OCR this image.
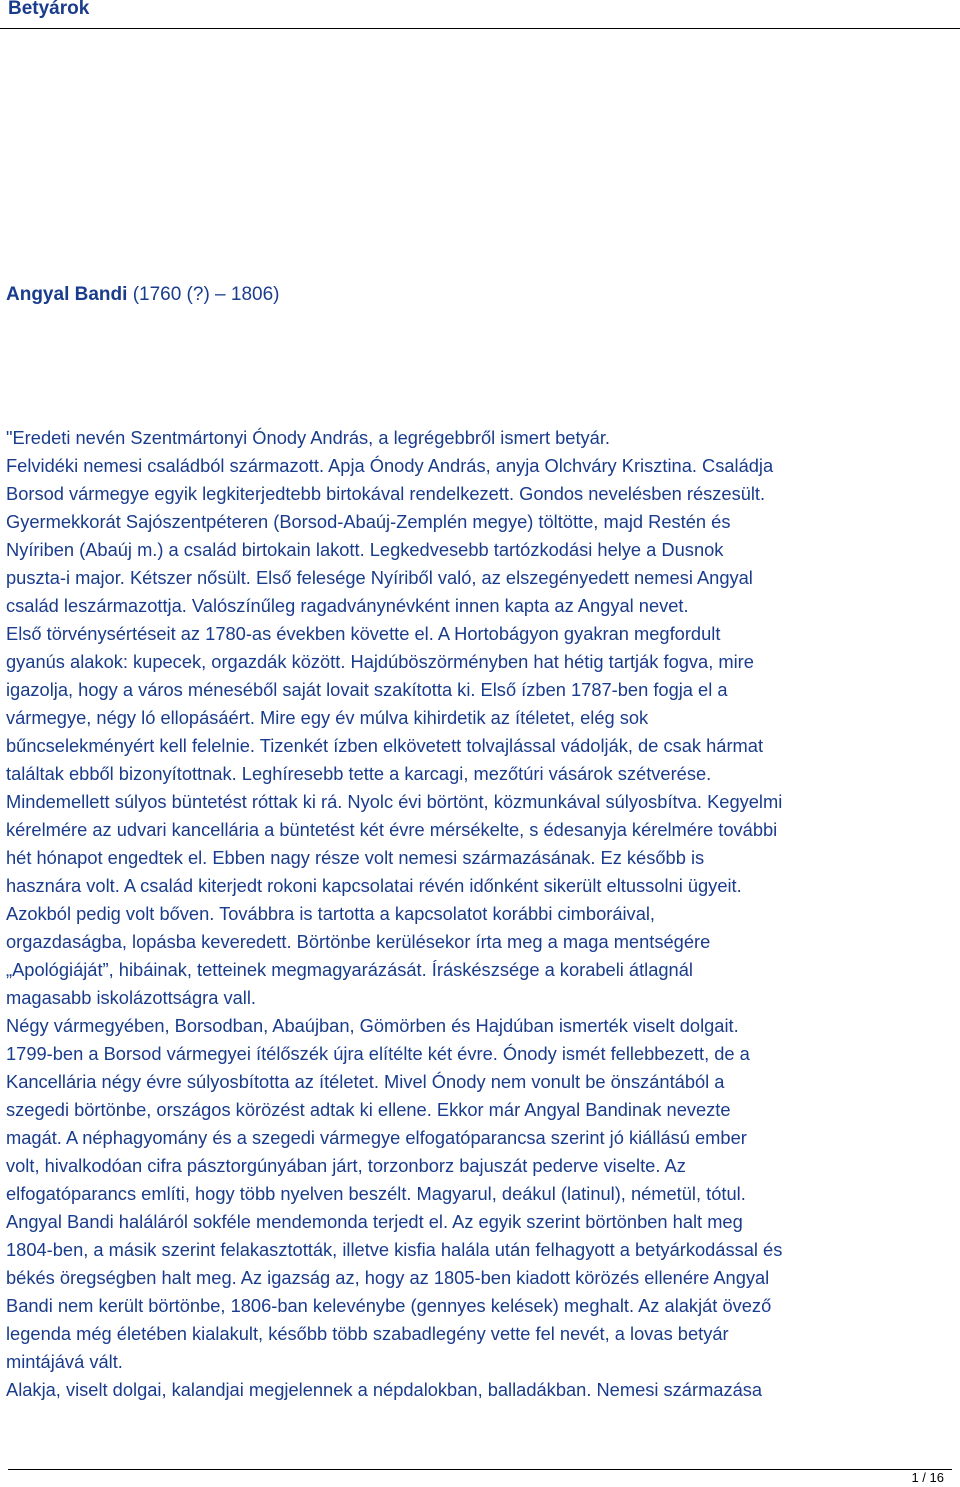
Betyárok
Angyal Bandi (1760 (?) – 1806)
"Eredeti nevén Szentmártonyi Ónody András, a legrégebbről ismert betyár.
Felvidéki nemesi családból származott. Apja Ónody András, anyja Olchváry Krisztina. Családja
Borsod vármegye egyik legkiterjedtebb birtokával rendelkezett. Gondos nevelésben részesült.
Gyermekkorát Sajószentpéteren (Borsod-Abaúj-Zemplén megye) töltötte, majd Restén és
Nyíriben (Abaúj m.) a család birtokain lakott. Legkedvesebb tartózkodási helye a Dusnok
puszta-i major. Kétszer nősült. Első felesége Nyíriből való, az elszegényedett nemesi Angyal
család leszármazottja. Valószínűleg ragadványnévként innen kapta az Angyal nevet.
Első törvénysértéseit az 1780-as években követte el. A Hortobágyon gyakran megfordult
gyanús alakok: kupecek, orgazdák között. Hajdúböszörményben hat hétig tartják fogva, mire
igazolja, hogy a város méneséből saját lovait szakította ki. Első ízben 1787-ben fogja el a
vármegye, négy ló ellopásáért. Mire egy év múlva kihirdetik az ítéletet, elég sok
bűncselekményért kell felelnie. Tizenkét ízben elkövetett tolvajlással vádolják, de csak hármat
találtak ebből bizonyítottnak. Leghíresebb tette a karcagi, mezőtúri vásárok szétverése.
Mindemellett súlyos büntetést róttak ki rá. Nyolc évi börtönt, közmunkával súlyosbítva. Kegyelmi
kérelmére az udvari kancellária a büntetést két évre mérsékelte, s édesanyja kérelmére további
hét hónapot engedtek el. Ebben nagy része volt nemesi származásának. Ez később is
hasznára volt. A család kiterjedt rokoni kapcsolatai révén időnként sikerült eltussolni ügyeit.
Azokból pedig volt bőven. Továbbra is tartotta a kapcsolatot korábbi cimboráival,
orgazdaságba, lopásba keveredett. Börtönbe kerülésekor írta meg a maga mentségére
„Apológiáját”, hibáinak, tetteinek megmagyarázását. Íráskészsége a korabeli átlagnál
magasabb iskolázottságra vall.
Négy vármegyében, Borsodban, Abaújban, Gömörben és Hajdúban ismerték viselt dolgait.
1799-ben a Borsod vármegyei ítélőszék újra elítélte két évre. Ónody ismét fellebbezett, de a
Kancellária négy évre súlyosbította az ítéletet. Mivel Ónody nem vonult be önszántából a
szegedi börtönbe, országos körözést adtak ki ellene. Ekkor már Angyal Bandinak nevezte
magát. A néphagyomány és a szegedi vármegye elfogatóparancsa szerint jó kiállású ember
volt, hivalkodóan cifra pásztorgúnyában járt, torzonborz bajuszát pederve viselte. Az
elfogatóparancs említi, hogy több nyelven beszélt. Magyarul, deákul (latinul), németül, tótul.
Angyal Bandi haláláról sokféle mendemonda terjedt el. Az egyik szerint börtönben halt meg
1804-ben, a másik szerint felakasztották, illetve kisfia halála után felhagyott a betyárkodással és
békés öregségben halt meg. Az igazság az, hogy az 1805-ben kiadott körözés ellenére Angyal
Bandi nem került börtönbe, 1806-ban kelevénybe (gennyes kelések) meghalt. Az alakját övező
legenda még életében kialakult, később több szabadlegény vette fel nevét, a lovas betyár
mintájává vált.
Alakja, viselt dolgai, kalandjai megjelennek a népdalokban, balladákban. Nemesi származása
1 / 16
